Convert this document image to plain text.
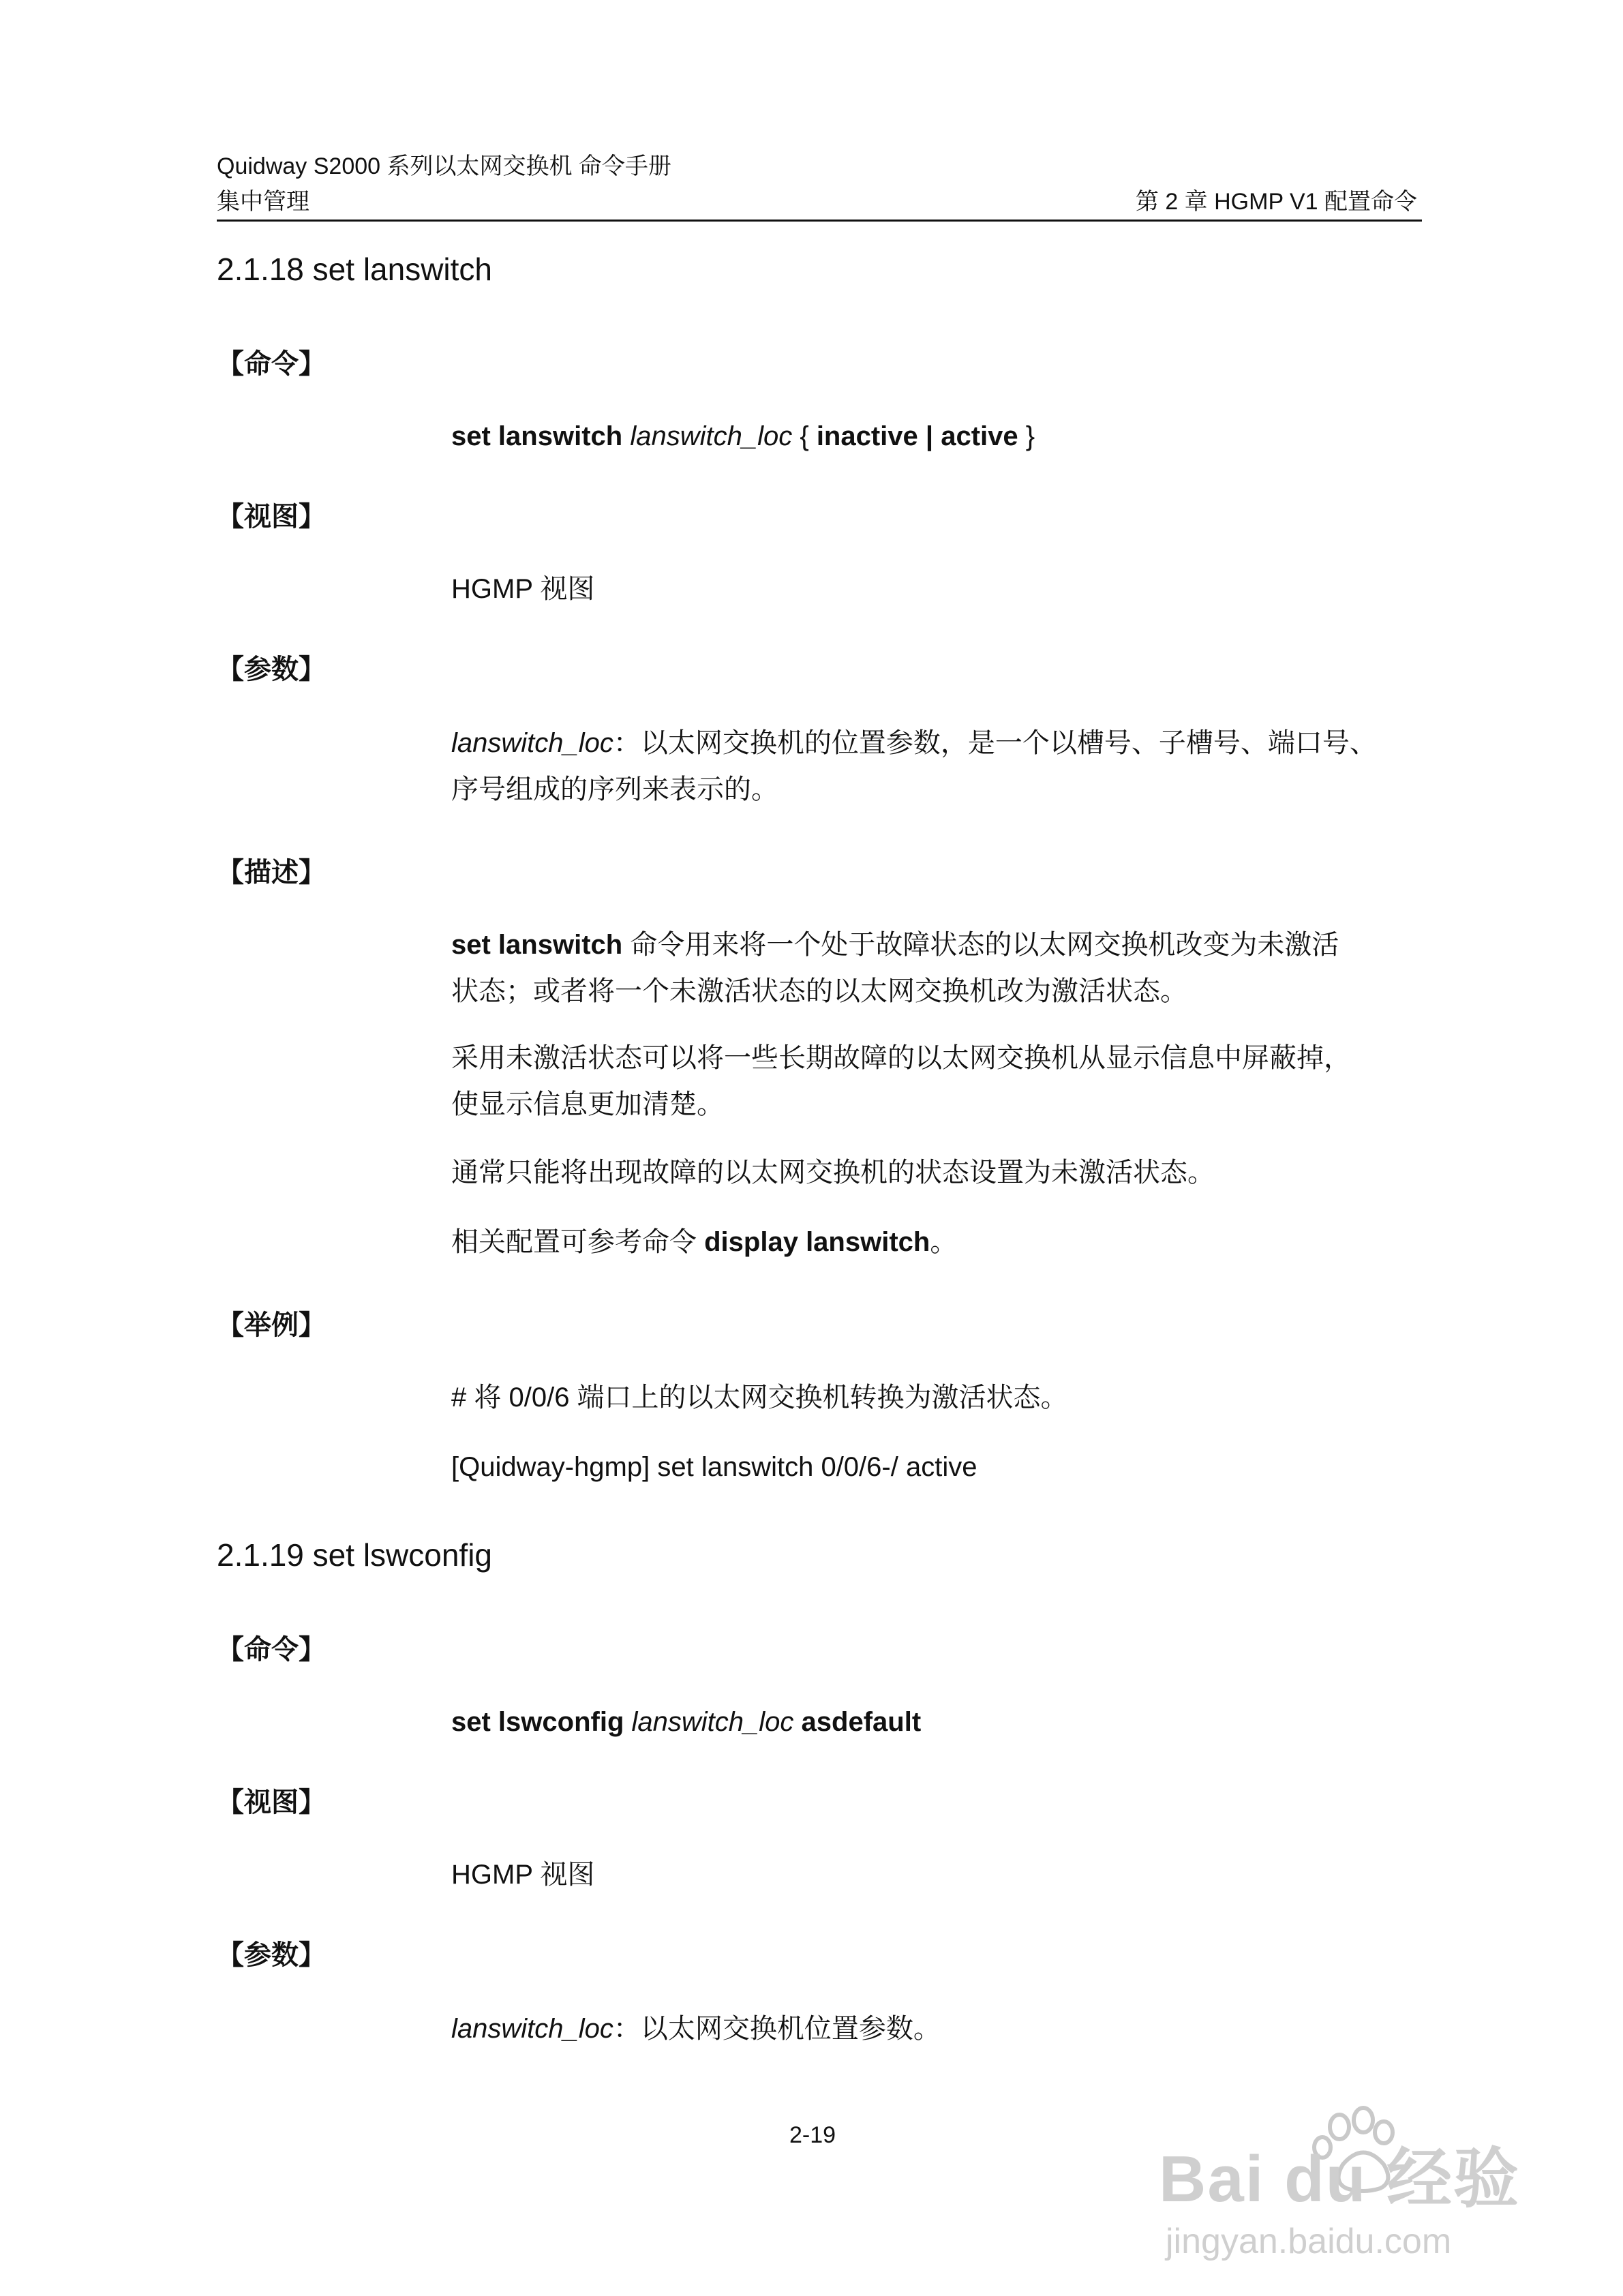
Quidway S2000 系列以太网交换机 命令手册
集中管理	第 2 章 HGMP V1 配置命令
2.1.18 set lanswitch
【命令】
set lanswitch lanswitch_loc { inactive | active }
【视图】
HGMP 视图
【参数】
lanswitch_loc：以太网交换机的位置参数，是一个以槽号、子槽号、端口号、
序号组成的序列来表示的。
【描述】
set lanswitch 命令用来将一个处于故障状态的以太网交换机改变为未激活
状态；或者将一个未激活状态的以太网交换机改为激活状态。
采用未激活状态可以将一些长期故障的以太网交换机从显示信息中屏蔽掉，
使显示信息更加清楚。
通常只能将出现故障的以太网交换机的状态设置为未激活状态。
相关配置可参考命令 display lanswitch。
【举例】
# 将 0/0/6 端口上的以太网交换机转换为激活状态。
[Quidway-hgmp] set lanswitch 0/0/6-/ active
2.1.19 set lswconfig
【命令】
set lswconfig lanswitch_loc asdefault
【视图】
HGMP 视图
【参数】
lanswitch_loc：以太网交换机位置参数。
2-19
Bai du 经验
jingyan.baidu.com
